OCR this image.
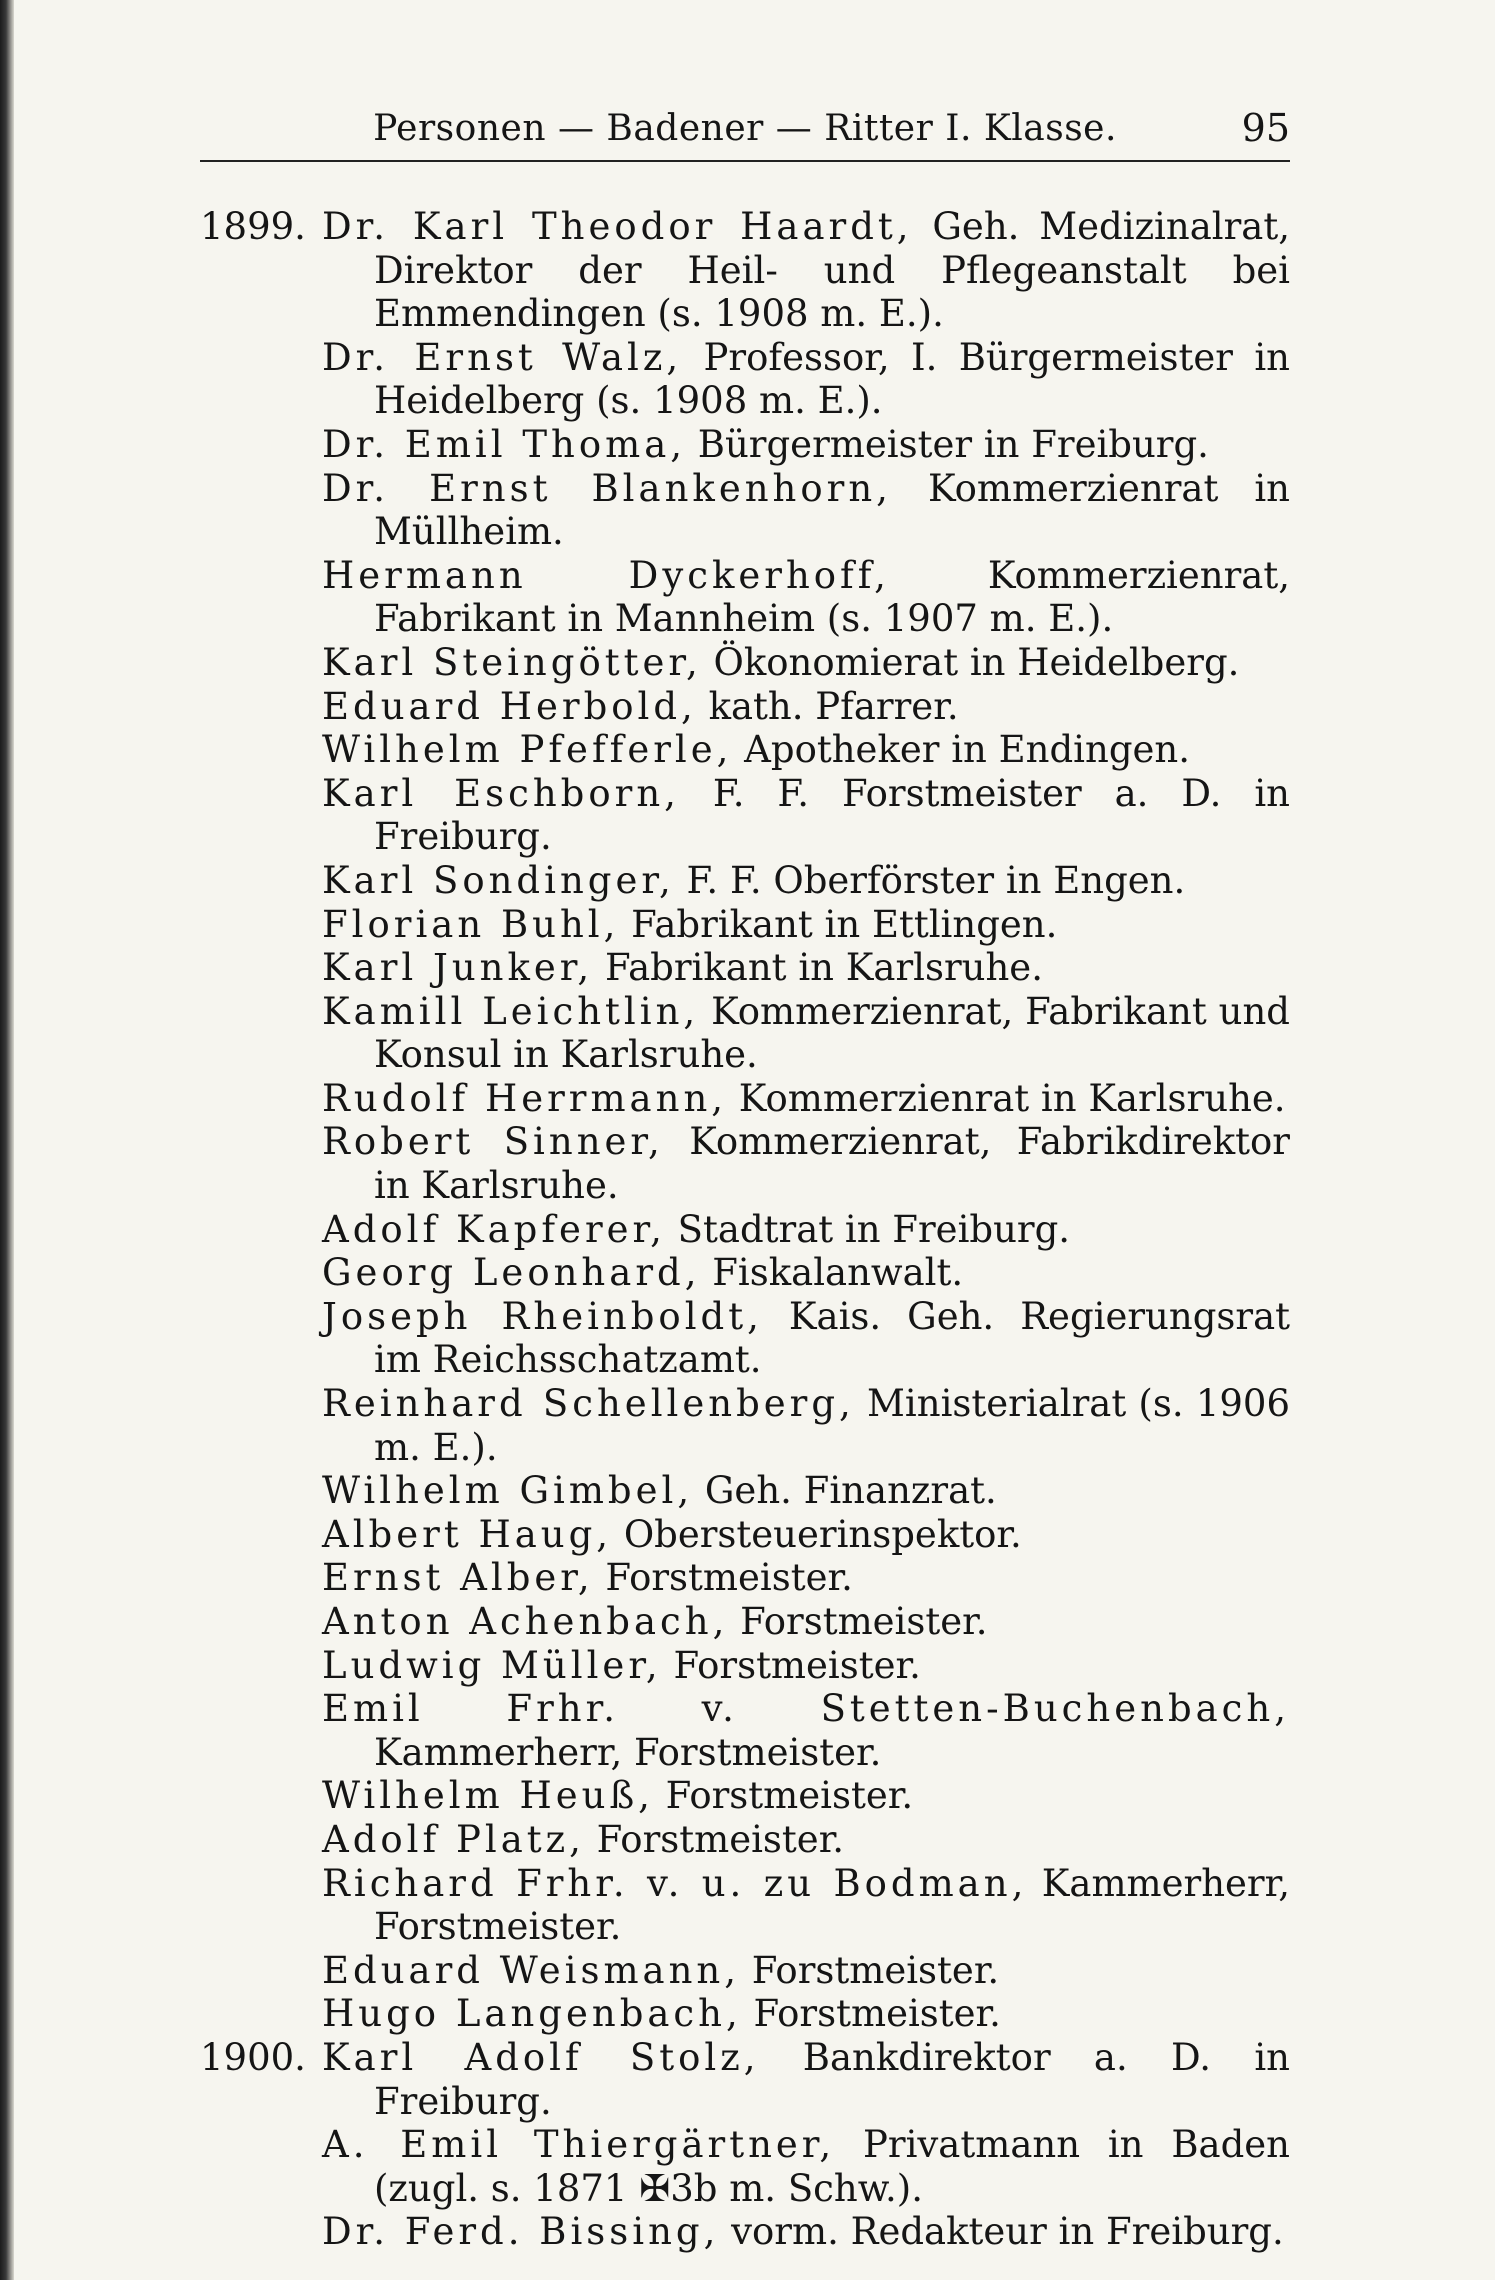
Personen — Badener — Ritter I. Klasse.	95
1899. Dr. Karl Theodor Haardt, Geh. Medizinalrat, Direktor der Heil- und Pflegeanstalt bei Emmendingen (s. 1908 m. E.).
Dr. Ernst Walz, Professor, I. Bürgermeister in Heidelberg (s. 1908 m. E.).
Dr. Emil Thoma, Bürgermeister in Freiburg.
Dr. Ernst Blankenhorn, Kommerzienrat in Müllheim.
Hermann Dyckerhoff, Kommerzienrat, Fabrikant in Mannheim (s. 1907 m. E.).
Karl Steingötter, Ökonomierat in Heidelberg.
Eduard Herbold, kath. Pfarrer.
Wilhelm Pfefferle, Apotheker in Endingen.
Karl Eschborn, F. F. Forstmeister a. D. in Freiburg.
Karl Sondinger, F. F. Oberförster in Engen.
Florian Buhl, Fabrikant in Ettlingen.
Karl Junker, Fabrikant in Karlsruhe.
Kamill Leichtlin, Kommerzienrat, Fabrikant und Konsul in Karlsruhe.
Rudolf Herrmann, Kommerzienrat in Karlsruhe.
Robert Sinner, Kommerzienrat, Fabrikdirektor in Karlsruhe.
Adolf Kapferer, Stadtrat in Freiburg.
Georg Leonhard, Fiskalanwalt.
Joseph Rheinboldt, Kais. Geh. Regierungsrat im Reichsschatzamt.
Reinhard Schellenberg, Ministerialrat (s. 1906 m. E.).
Wilhelm Gimbel, Geh. Finanzrat.
Albert Haug, Obersteuerinspektor.
Ernst Alber, Forstmeister.
Anton Achenbach, Forstmeister.
Ludwig Müller, Forstmeister.
Emil Frhr. v. Stetten-Buchenbach, Kammerherr, Forstmeister.
Wilhelm Heuß, Forstmeister.
Adolf Platz, Forstmeister.
Richard Frhr. v. u. zu Bodman, Kammerherr, Forstmeister.
Eduard Weismann, Forstmeister.
Hugo Langenbach, Forstmeister.
1900. Karl Adolf Stolz, Bankdirektor a. D. in Freiburg.
A. Emil Thiergärtner, Privatmann in Baden (zugl. s. 1871 ✠3b m. Schw.).
Dr. Ferd. Bissing, vorm. Redakteur in Freiburg.
